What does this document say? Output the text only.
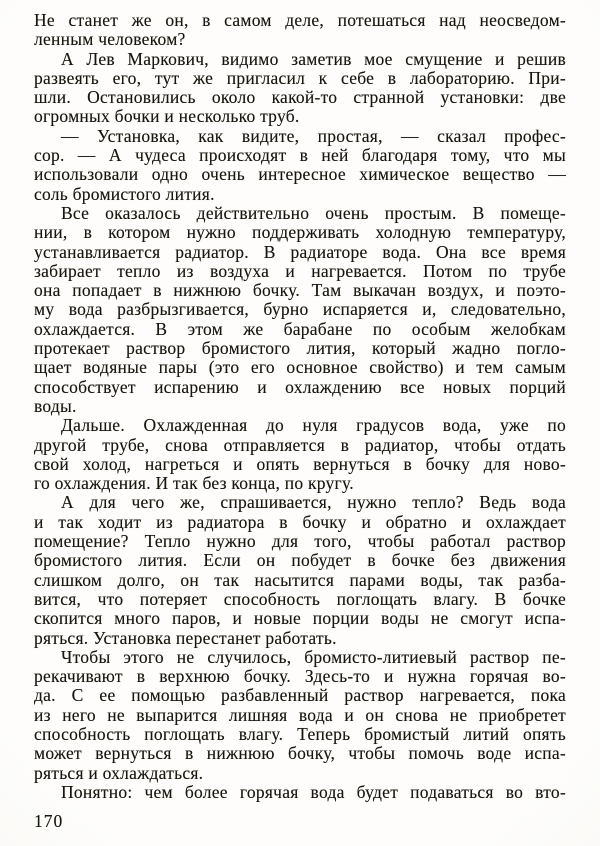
Не станет же он, в самом деле, потешаться над неосведом-
ленным человеком?
А Лев Маркович, видимо заметив мое смущение и решив
развеять его, тут же пригласил к себе в лабораторию. При-
шли. Остановились около какой-то странной установки: две
огромных бочки и несколько труб.
— Установка, как видите, простая, — сказал профес-
сор. — А чудеса происходят в ней благодаря тому, что мы
использовали одно очень интересное химическое вещество —
соль бромистого лития.
Все оказалось действительно очень простым. В помеще-
нии, в котором нужно поддерживать холодную температуру,
устанавливается радиатор. В радиаторе вода. Она все время
забирает тепло из воздуха и нагревается. Потом по трубе
она попадает в нижнюю бочку. Там выкачан воздух, и поэто-
му вода разбрызгивается, бурно испаряется и, следовательно,
охлаждается. В этом же барабане по особым желобкам
протекает раствор бромистого лития, который жадно погло-
щает водяные пары (это его основное свойство) и тем самым
способствует испарению и охлаждению все новых порций
воды.
Дальше. Охлажденная до нуля градусов вода, уже по
другой трубе, снова отправляется в радиатор, чтобы отдать
свой холод, нагреться и опять вернуться в бочку для ново-
го охлаждения. И так без конца, по кругу.
А для чего же, спрашивается, нужно тепло? Ведь вода
и так ходит из радиатора в бочку и обратно и охлаждает
помещение? Тепло нужно для того, чтобы работал раствор
бромистого лития. Если он побудет в бочке без движения
слишком долго, он так насытится парами воды, так разба-
вится, что потеряет способность поглощать влагу. В бочке
скопится много паров, и новые порции воды не смогут испа-
ряться. Установка перестанет работать.
Чтобы этого не случилось, бромисто-литиевый раствор пе-
рекачивают в верхнюю бочку. Здесь-то и нужна горячая во-
да. С ее помощью разбавленный раствор нагревается, пока
из него не выпарится лишняя вода и он снова не приобретет
способность поглощать влагу. Теперь бромистый литий опять
может вернуться в нижнюю бочку, чтобы помочь воде испа-
ряться и охлаждаться.
Понятно: чем более горячая вода будет подаваться во вто-
170
